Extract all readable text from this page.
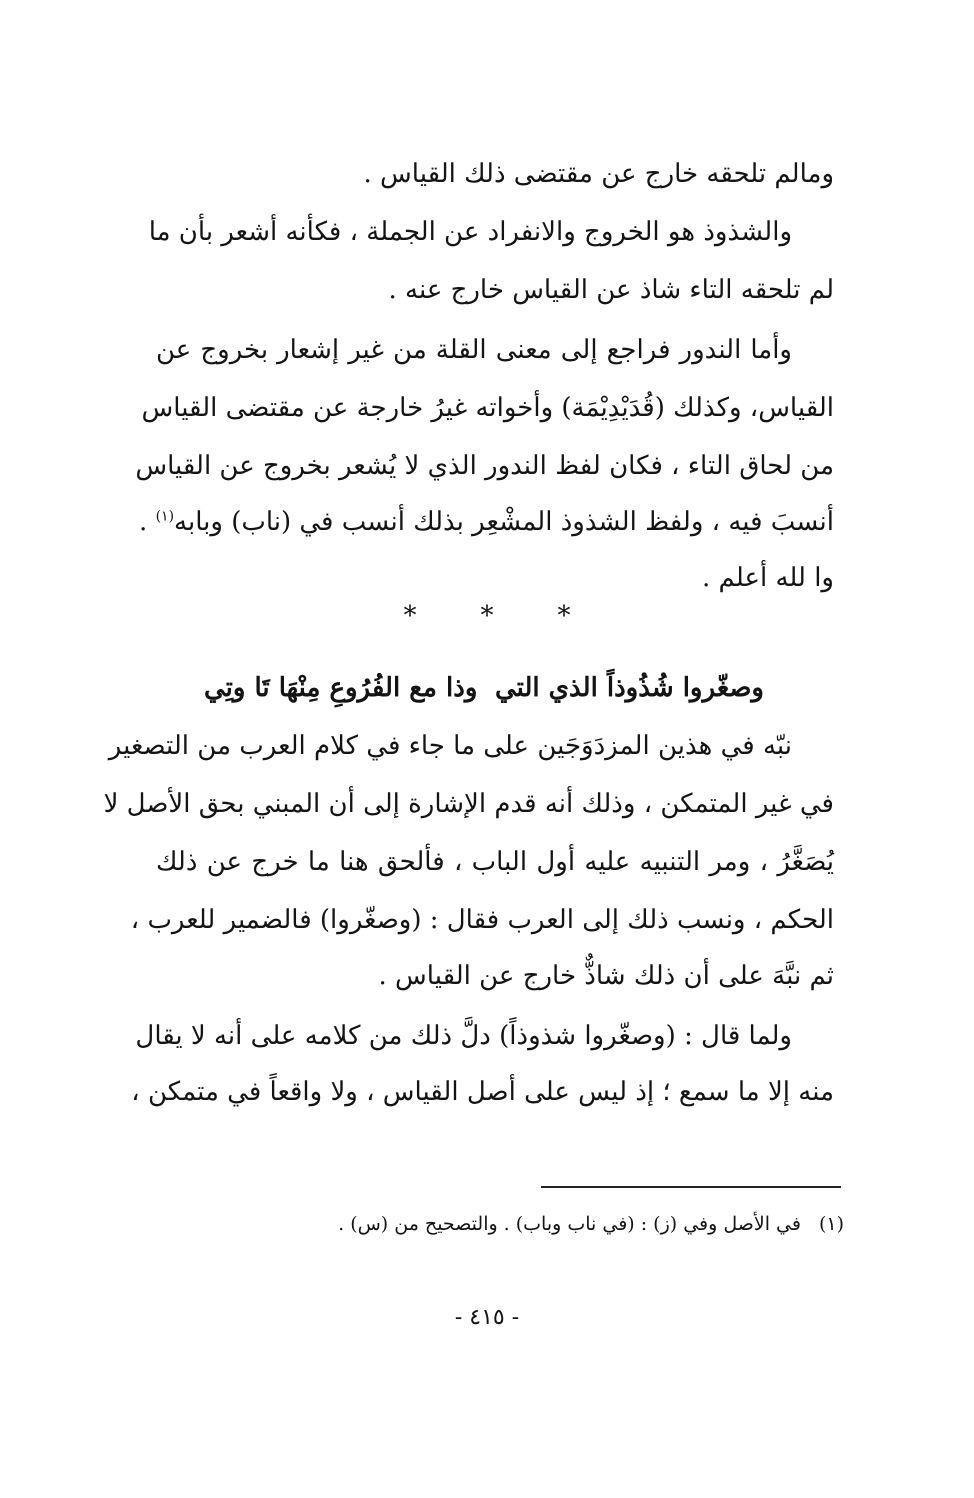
ومالم تلحقه خارج عن مقتضى ذلك القياس .
والشذوذ هو الخروج والانفراد عن الجملة ، فكأنه أشعر بأن ما
لم تلحقه التاء شاذ عن القياس خارج عنه .
وأما الندور فراجع إلى معنى القلة من غير إشعار بخروج عن
القياس، وكذلك (قُدَيْدِيْمَة) وأخواته غيرُ خارجة عن مقتضى القياس
من لحاق التاء ، فكان لفظ الندور الذي لا يُشعر بخروج عن القياس
أنسبَ فيه ، ولفظ الشذوذ المشْعِر بذلك أنسب في (ناب) وبابه$^{(١)}$ .
وا لله أعلم .
* * *
وصغّروا شُذُوذاً الذي التي
وذا مع الفُرُوعِ مِنْهَا تَا وتِي
نبّه في هذين المزدَوَجَين على ما جاء في كلام العرب من التصغير
في غير المتمكن ، وذلك أنه قدم الإشارة إلى أن المبني بحق الأصل لا
يُصَغَّرُ ، ومر التنبيه عليه أول الباب ، فألحق هنا ما خرج عن ذلك
الحكم ، ونسب ذلك إلى العرب فقال : (وصغّروا) فالضمير للعرب ،
ثم نبَّهَ على أن ذلك شاذٌّ خارج عن القياس .
ولما قال : (وصغّروا شذوذاً) دلَّ ذلك من كلامه على أنه لا يقال
منه إلا ما سمع ؛ إذ ليس على أصل القياس ، ولا واقعاً في متمكن ،
(١)في الأصل وفي (ز) : (في ناب وباب) . والتصحيح من (س) .
- ٤١٥ -
